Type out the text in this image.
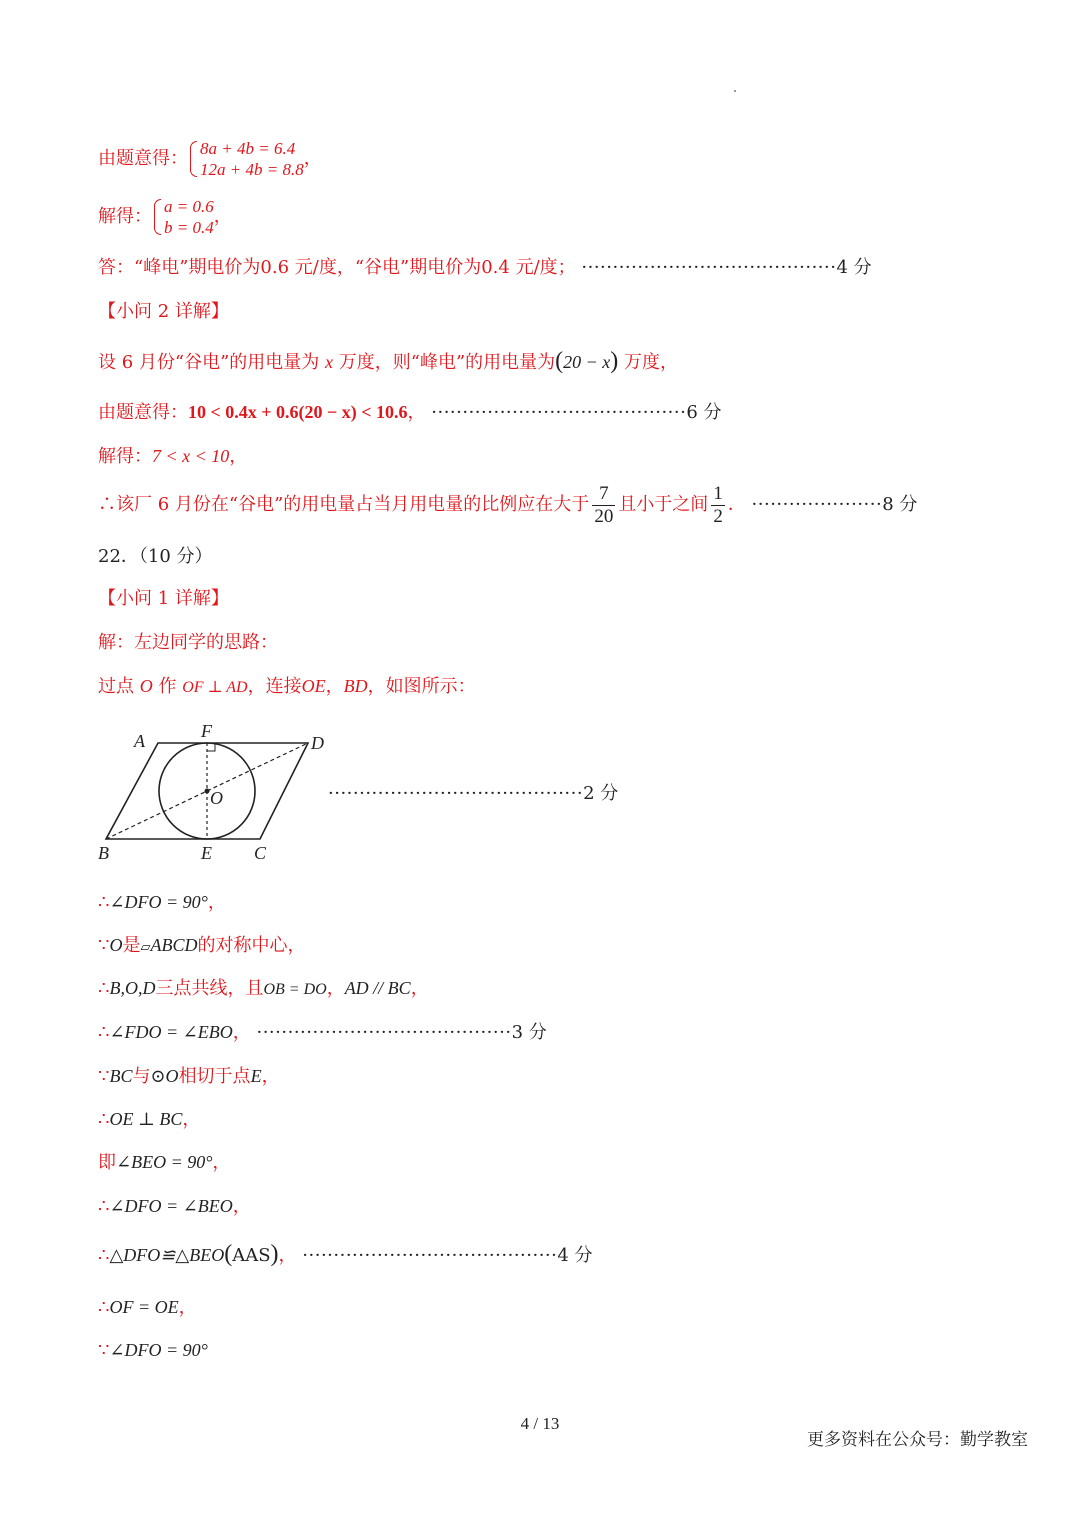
由题意得： 8a + 4b = 6.4
12a + 4b = 8.8
，
解得： a = 0.6
b = 0.4
，
答：“峰电”期电价为0.6 元/度，“谷电”期电价为0.4 元/度； ·········································4 分
【小问 2 详解】
设 6 月份“谷电”的用电量为 x 万度，则“峰电”的用电量为(20 − x) 万度，
由题意得：10 < 0.4x + 0.6(20 − x) < 10.6， ·········································6 分
解得：7 < x < 10，
∴该厂 6 月份在“谷电”的用电量占当月用电量的比例应在大于 $\frac{7}{20}$ 且小于之间 $\frac{1}{2}$ ． ·····················8 分
22．（10 分）
【小问 1 详解】
解：左边同学的思路：
过点 O 作 OF ⊥ AD，连接OE，BD，如图所示：
A	F
D
O
B	E C
·········································2 分
∴∠DFO = 90°，
∵O是▱ABCD的对称中心，
∴B,O,D三点共线，且OB = DO，AD // BC，
∴∠FDO = ∠EBO， ·········································3 分
∵BC与⊙O相切于点E，
∴OE ⊥ BC，
即∠BEO = 90°，
∴∠DFO = ∠BEO，
∴△DFO≌△BEO(AAS)， ·········································4 分
∴OF = OE，
∵∠DFO = 90°
4 / 13
更多资料在公众号：勤学教室
